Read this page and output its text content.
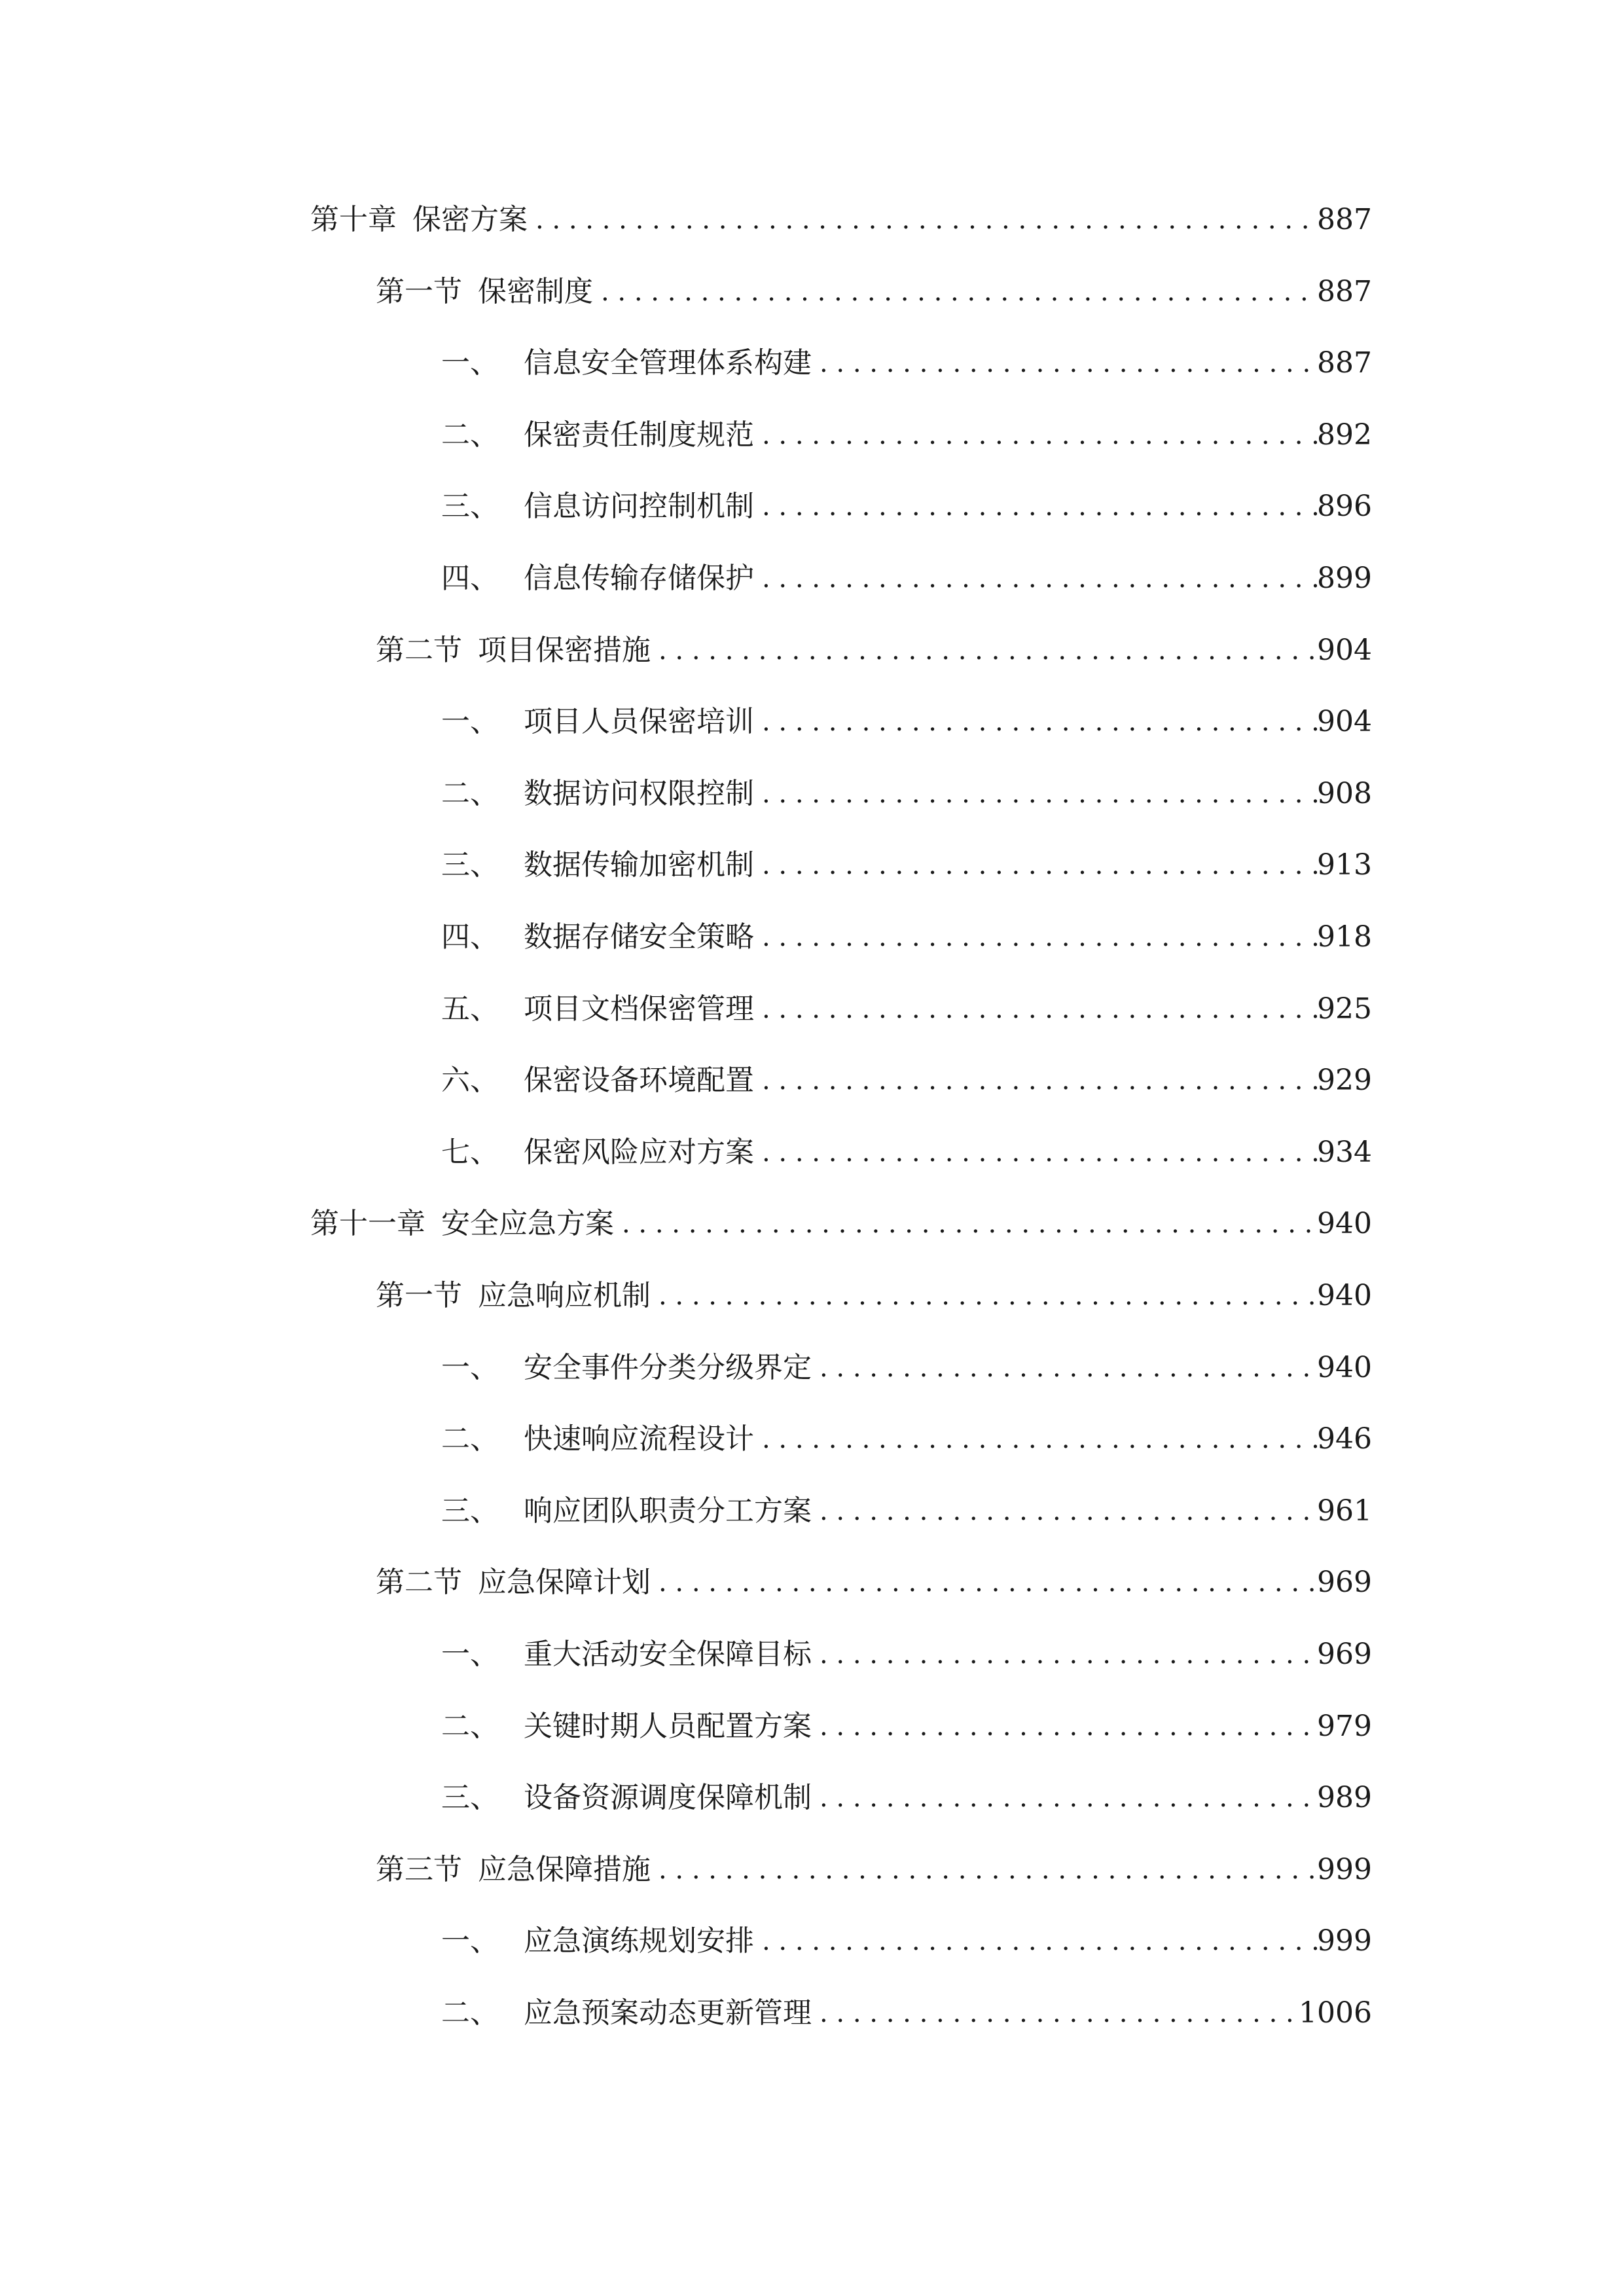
第十章 保密方案 . . .	887
第一节 保密制度 . . .	887
一、 信息安全管理体系构建 . . .	887
二、 保密责任制度规范 . . .	892
三、 信息访问控制机制 . . .	896
四、 信息传输存储保护 . . .	899
第二节 项目保密措施 . . .	904
一、 项目人员保密培训 . . .	904
二、 数据访问权限控制 . . .	908
三、 数据传输加密机制 . . .	913
四、 数据存储安全策略 . . .	918
五、 项目文档保密管理 . . .	925
六、 保密设备环境配置 . . .	929
七、 保密风险应对方案 . . .	934
第十一章 安全应急方案 . . .	940
第一节 应急响应机制 . . .	940
一、 安全事件分类分级界定 . . .	940
二、 快速响应流程设计 . . .	946
三、 响应团队职责分工方案 . . .	961
第二节 应急保障计划 . . .	969
一、 重大活动安全保障目标 . . .	969
二、 关键时期人员配置方案 . . .	979
三、 设备资源调度保障机制 . . .	989
第三节 应急保障措施 . . .	999
一、 应急演练规划安排 . . .	999
二、 应急预案动态更新管理 . . .	1006
